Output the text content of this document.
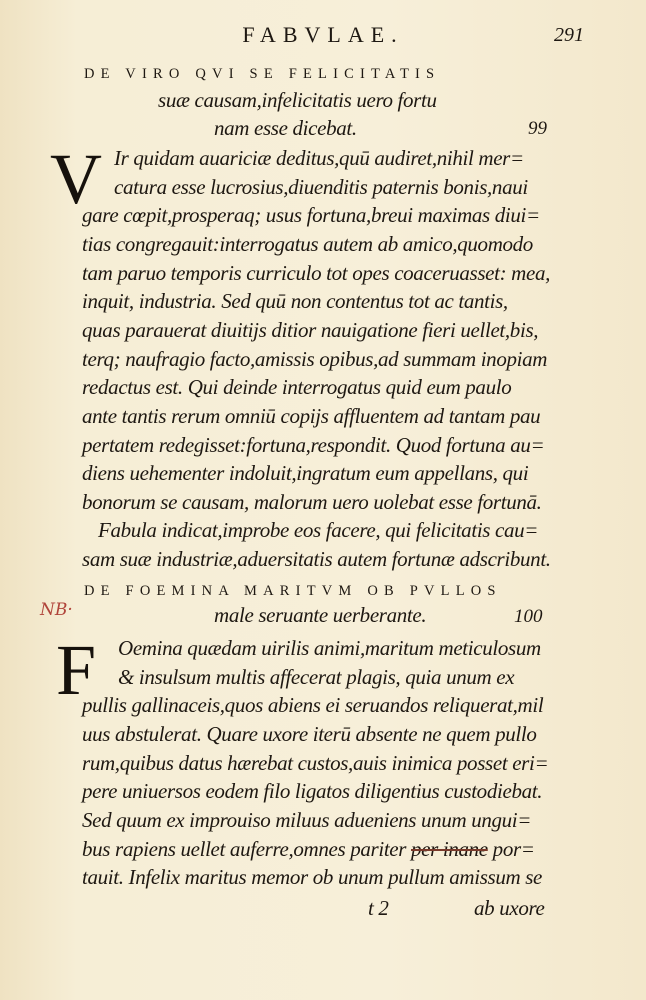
FABVLAE.	291
DE VIRO QVI SE FELICITATIS
suæ causam,infelicitatis uero fortu
nam esse dicebat.	99
V Ir quidam auariciæ deditus,quū audiret,nihil mer=
catura esse lucrosius,diuenditis paternis bonis,naui
gare cœpit,prosperaq; usus fortuna,breui maximas diui=
tias congregauit:interrogatus autem ab amico,quomodo
tam paruo temporis curriculo tot opes coaceruasset: mea,
inquit, industria. Sed quū non contentus tot ac tantis,
quas parauerat diuitijs ditior nauigatione fieri uellet,bis,
terq; naufragio facto,amissis opibus,ad summam inopiam
redactus est. Qui deinde interrogatus quid eum paulo
ante tantis rerum omniū copijs affluentem ad tantam pau
pertatem redegisset:fortuna,respondit. Quod fortuna au=
diens uehementer indoluit,ingratum eum appellans, qui
bonorum se causam, malorum uero uolebat esse fortunā.
Fabula indicat,improbe eos facere, qui felicitatis cau=
sam suæ industriæ,aduersitatis autem fortunæ adscribunt.
DE FOEMINA MARITVM OB PVLLOS
NB·	male seruante uerberante.	100
F Oemina quædam uirilis animi,maritum meticulosum
& insulsum multis affecerat plagis, quia unum ex
pullis gallinaceis,quos abiens ei seruandos reliquerat,mil
uus abstulerat. Quare uxore iterū absente ne quem pullo
rum,quibus datus hærebat custos,auis inimica posset eri=
pere uniuersos eodem filo ligatos diligentius custodiebat.
Sed quum ex improuiso miluus adueniens unum ungui=
bus rapiens uellet auferre,omnes pariter per inane por=
tauit. Infelix maritus memor ob unum pullum amissum se
t 2	ab uxore
